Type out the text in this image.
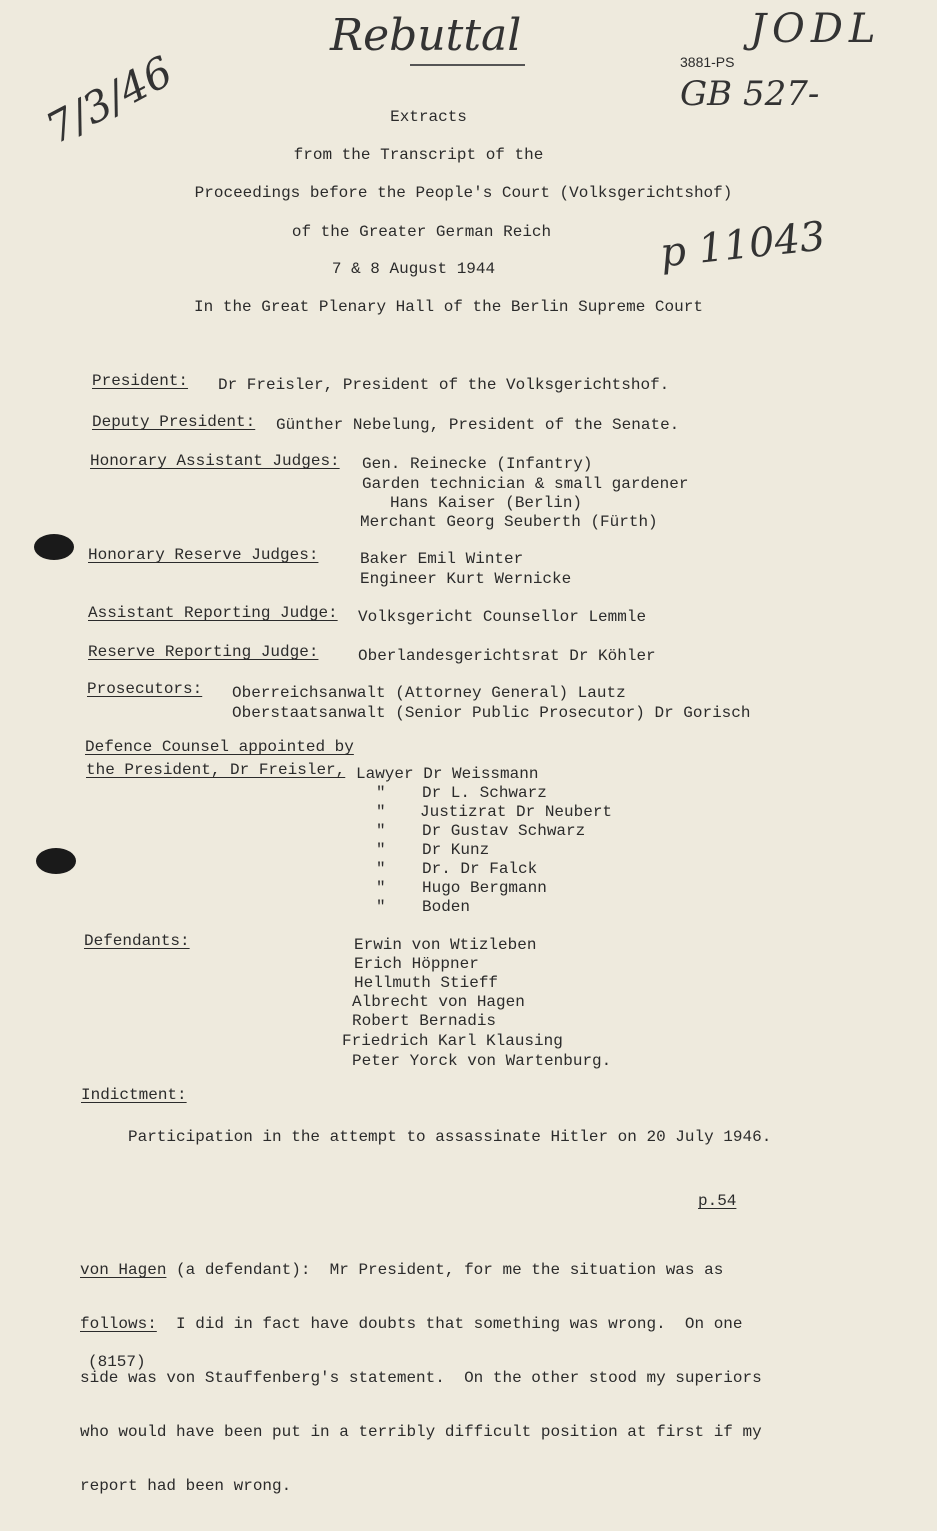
Rebuttal	JODL
3881-PS
GB 527-
7/3/46
p 11043
Extracts
from the Transcript of the
Proceedings before the People's Court (Volksgerichtshof)
of the Greater German Reich
7 & 8 August 1944
In the Great Plenary Hall of the Berlin Supreme Court
President: Dr Freisler, President of the Volksgerichtshof.
Deputy President: Günther Nebelung, President of the Senate.
Honorary Assistant Judges: Gen. Reinecke (Infantry)
Garden technician & small gardener
Hans Kaiser (Berlin)
Merchant Georg Seuberth (Fürth)
Honorary Reserve Judges:	Baker Emil Winter
Engineer Kurt Wernicke
Assistant Reporting Judge: Volksgericht Counsellor Lemmle
Reserve Reporting Judge: Oberlandesgerichtsrat Dr Köhler
Prosecutors: Oberreichsanwalt (Attorney General) Lautz
Oberstaatsanwalt (Senior Public Prosecutor) Dr Gorisch
Defence Counsel appointed by
the President, Dr Freisler, Lawyer Dr Weissmann
" Dr L. Schwarz
" Justizrat Dr Neubert
" Dr Gustav Schwarz
" Dr Kunz
" Dr. Dr Falck
" Hugo Bergmann
" Boden
Defendants:	Erwin von Wtizleben
Erich Höppner
Hellmuth Stieff
Albrecht von Hagen
Robert Bernadis
Friedrich Karl Klausing
Peter Yorck von Wartenburg.
Indictment:
Participation in the attempt to assassinate Hitler on 20 July 1946.
p.54

von Hagen (a defendant):  Mr President, for me the situation was as

follows:  I did in fact have doubts that something was wrong.  On one

side was von Stauffenberg's statement.  On the other stood my superiors

who would have been put in a terribly difficult position at first if my

report had been wrong.

(8157)
